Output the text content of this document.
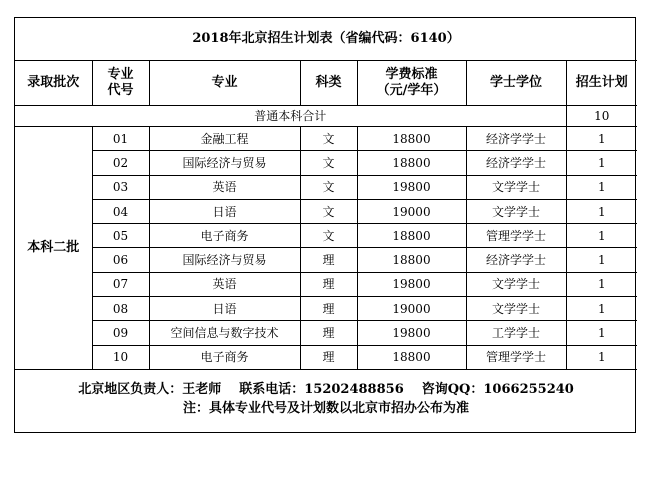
2018年北京招生计划表（省编代码：6140）						
录取批次	专业代号	专业	科类	学费标准（元/学年）	学士学位	招生计划
普通本科合计						10
本科二批	01	金融工程	文	18800	经济学学士	1
	02	国际经济与贸易	文	18800	经济学学士	1
	03	英语	文	19800	文学学士	1
	04	日语	文	19000	文学学士	1
	05	电子商务	文	18800	管理学学士	1
	06	国际经济与贸易	理	18800	经济学学士	1
	07	英语	理	19800	文学学士	1
	08	日语	理	19000	文学学士	1
	09	空间信息与数字技术	理	19800	工学学士	1
	10	电子商务	理	18800	管理学学士	1

北京地区负责人：王老师 联系电话：15202488856 咨询QQ：1066255240
注：具体专业代号及计划数以北京市招办公布为准						
